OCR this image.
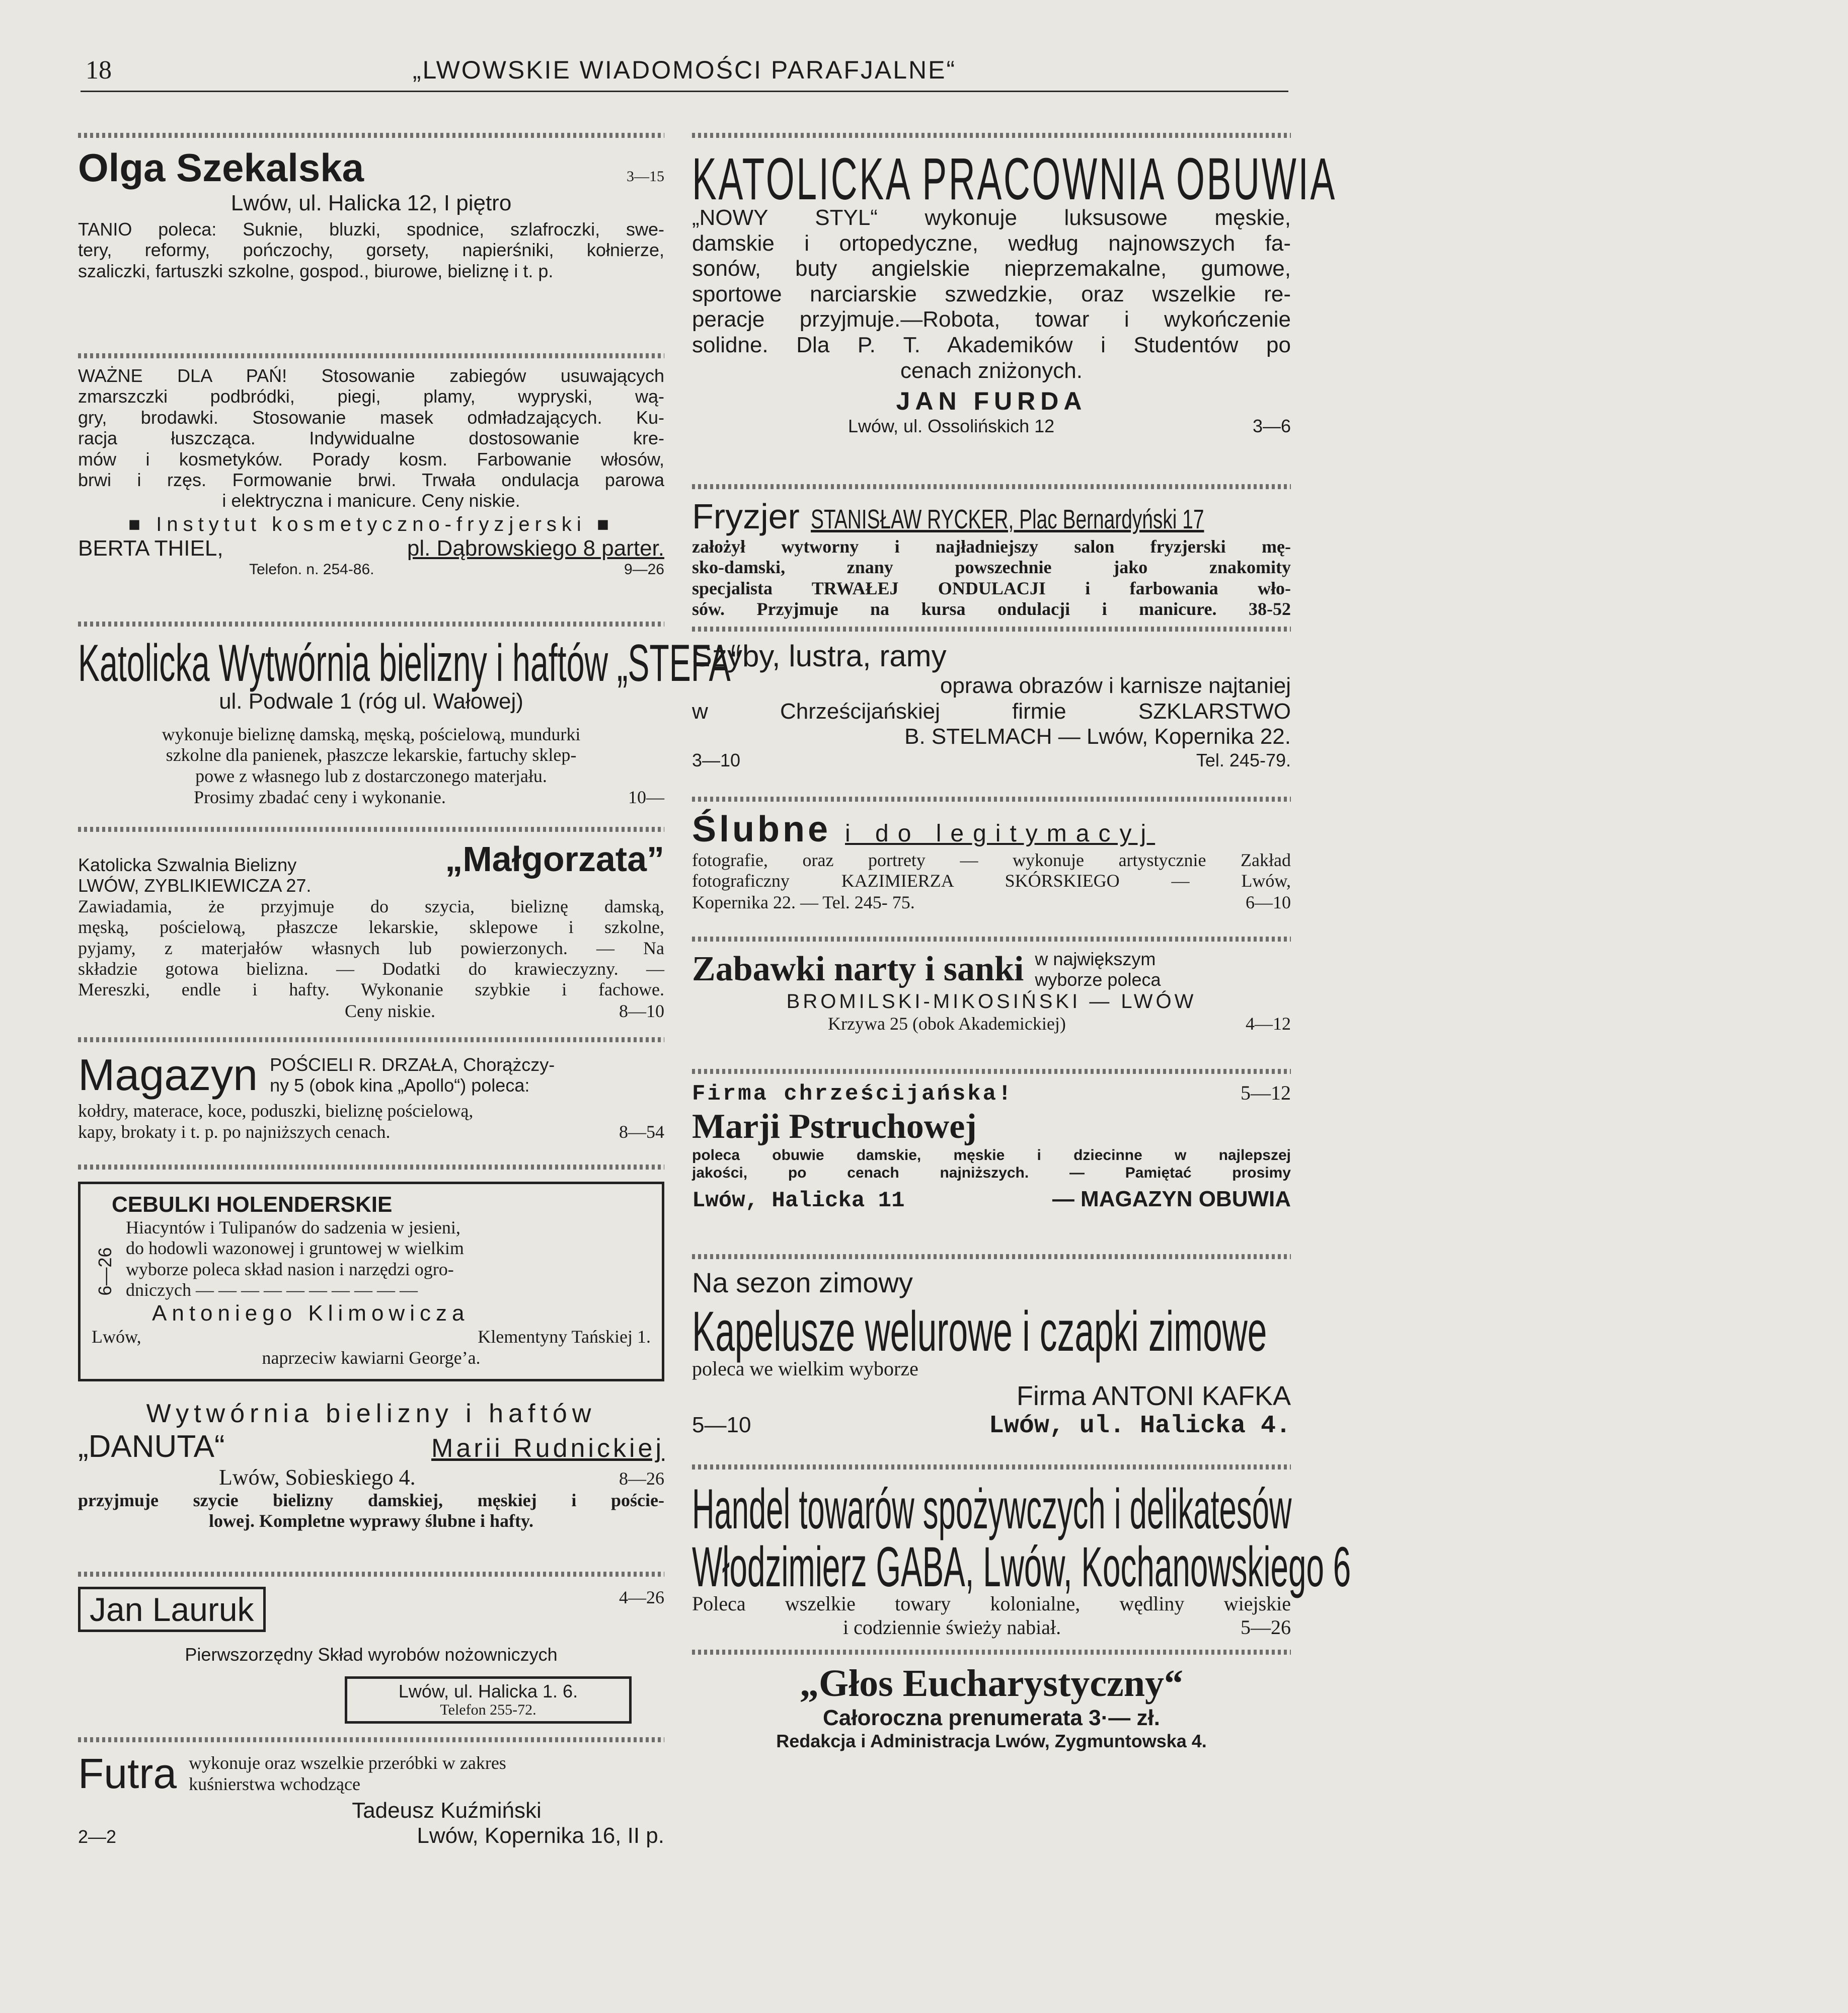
18	„LWOWSKIE WIADOMOŚCI PARAFJALNE“
Olga Szekalska	3—15
Lwów, ul. Halicka 12, I piętro
TANIO poleca: Suknie, bluzki, spodnice, szlafroczki, swe-
tery, reformy, pończochy, gorsety, napierśniki, kołnierze,
szaliczki, fartuszki szkolne, gospod., biurowe, bieliznę i t. p.
WAŻNE DLA PAŃ! Stosowanie zabiegów usuwających
zmarszczki podbródki, piegi, plamy, wypryski, wą-
gry, brodawki. Stosowanie masek odmładzających. Ku-
racja łuszcząca. Indywidualne dostosowanie kre-
mów i kosmetyków. Porady kosm. Farbowanie włosów,
brwi i rzęs. Formowanie brwi. Trwała ondulacja parowa
i elektryczna i manicure. Ceny niskie.
■ Instytut kosmetyczno-fryzjerski ■
BERTA THIEL,	pl. Dąbrowskiego 8 parter.
Telefon. n. 254-86.	9—26
Katolicka Wytwórnia bielizny i haftów „STEFA“
ul. Podwale 1 (róg ul. Wałowej)
wykonuje bieliznę damską, męską, pościelową, mundurki
szkolne dla panienek, płaszcze lekarskie, fartuchy sklep-
powe z własnego lub z dostarczonego materjału.
Prosimy zbadać ceny i wykonanie.	10—
Katolicka Szwalnia Bielizny
LWÓW, ZYBLIKIEWICZA 27.
„Małgorzata”
Zawiadamia, że przyjmuje do szycia, bieliznę damską,
męską, pościelową, płaszcze lekarskie, sklepowe i szkolne,
pyjamy, z materjałów własnych lub powierzonych. — Na
składzie gotowa bielizna. — Dodatki do krawieczyzny. —
Mereszki, endle i hafty. Wykonanie szybkie i fachowe.
Ceny niskie.	8—10
Magazyn POŚCIELI R. DRZAŁA, Chorążczy-
ny 5 (obok kina „Apollo“) poleca:
kołdry, materace, koce, poduszki, bieliznę pościelową,
kapy, brokaty i t. p. po najniższych cenach.	8—54
CEBULKI HOLENDERSKIE
6—26
Hiacyntów i Tulipanów do sadzenia w jesieni,
do hodowli wazonowej i gruntowej w wielkim
wyborze poleca skład nasion i narzędzi ogro-
dniczych — — — — — — — — — —
Antoniego Klimowicza
Lwów,	Klementyny Tańskiej 1.
naprzeciw kawiarni George’a.
Wytwórnia bielizny i haftów
„DANUTA“	Marii Rudnickiej
Lwów, Sobieskiego 4.	8—26
przyjmuje szycie bielizny damskiej, męskiej i poście-
lowej. Kompletne wyprawy ślubne i hafty.
Jan Lauruk	4—26
Pierwszorzędny Skład wyrobów nożowniczych
Lwów, ul. Halicka 1. 6.
Telefon 255-72.
Futra wykonuje oraz wszelkie przeróbki w zakres
kuśnierstwa wchodzące
Tadeusz Kuźmiński
2—2	Lwów, Kopernika 16, II p.
KATOLICKA PRACOWNIA OBUWIA
„NOWY STYL“ wykonuje luksusowe męskie,
damskie i ortopedyczne, według najnowszych fa-
sonów, buty angielskie nieprzemakalne, gumowe,
sportowe narciarskie szwedzkie, oraz wszelkie re-
peracje przyjmuje.—Robota, towar i wykończenie
solidne. Dla P. T. Akademików i Studentów po
cenach zniżonych.
JAN FURDA
Lwów, ul. Ossolińskich 12	3—6
Fryzjer STANISŁAW RYCKER, Plac Bernardyński 17
założył wytworny i najładniejszy salon fryzjerski mę-
sko-damski, znany powszechnie jako znakomity
specjalista TRWAŁEJ ONDULACJI i farbowania wło-
sów. Przyjmuje na kursa ondulacji i manicure. 38-52
Szyby, lustra, ramy
oprawa obrazów i karnisze najtaniej
w Chrześcijańskiej firmie SZKLARSTWO
B. STELMACH — Lwów, Kopernika 22.
3—10	Tel. 245-79.
Ślubne i do legitymacyj
fotografie, oraz portrety — wykonuje artystycznie Zakład
fotograficzny KAZIMIERZA SKÓRSKIEGO — Lwów,
Kopernika 22. — Tel. 245- 75.	6—10
Zabawki narty i sanki w największym
wyborze poleca
BROMILSKI-MIKOSIŃSKI — LWÓW
Krzywa 25 (obok Akademickiej)	4—12
Firma chrześcijańska!	5—12
Marji Pstruchowej
poleca obuwie damskie, męskie i dziecinne w najlepszej
jakości, po cenach najniższych. — Pamiętać prosimy
Lwów, Halicka 11	— MAGAZYN OBUWIA
Na sezon zimowy
Kapelusze welurowe i czapki zimowe
poleca we wielkim wyborze
Firma ANTONI KAFKA
5—10	Lwów, ul. Halicka 4.
Handel towarów spożywczych i delikatesów
Włodzimierz GABA, Lwów, Kochanowskiego 6
Poleca wszelkie towary kolonialne, wędliny wiejskie
i codziennie świeży nabiał.	5—26
„Głos Eucharystyczny“
Całoroczna prenumerata 3·— zł.
Redakcja i Administracja Lwów, Zygmuntowska 4.
